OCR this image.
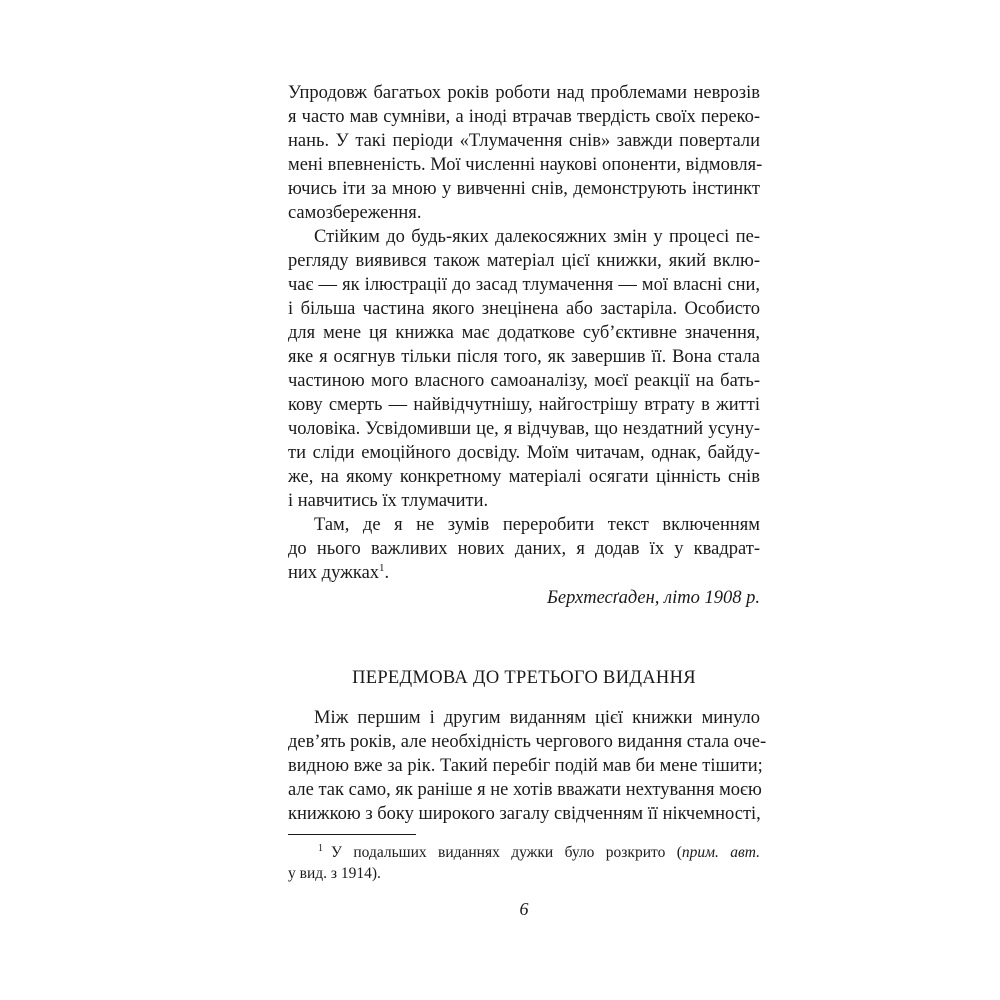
Упродовж багатьох років роботи над проблемами неврозів
я часто мав сумніви, а іноді втрачав твердість своїх переко-
нань. У такі періоди «Тлумачення снів» завжди повертали
мені впевненість. Мої численні наукові опоненти, відмовля-
ючись іти за мною у вивченні снів, демонструють інстинкт
самозбереження.
Стійким до будь-яких далекосяжних змін у процесі пе-
регляду виявився також матеріал цієї книжки, який вклю-
чає — як ілюстрації до засад тлумачення — мої власні сни,
і більша частина якого знецінена або застаріла. Особисто
для мене ця книжка має додаткове суб’єктивне значення,
яке я осягнув тільки після того, як завершив її. Вона стала
частиною мого власного самоаналізу, моєї реакції на бать-
кову смерть — найвідчутнішу, найгострішу втрату в житті
чоловіка. Усвідомивши це, я відчував, що нездатний усуну-
ти сліди емоційного досвіду. Моїм читачам, однак, байду-
же, на якому конкретному матеріалі осягати цінність снів
і навчитись їх тлумачити.
Там, де я не зумів переробити текст включенням
до нього важливих нових даних, я додав їх у квадрат-
них дужках$^1$.
Берхтесґаден, літо 1908 р.
ПЕРЕДМОВА ДО ТРЕТЬОГО ВИДАННЯ
Між першим і другим виданням цієї книжки минуло
дев’ять років, але необхідність чергового видання стала оче-
видною вже за рік. Такий перебіг подій мав би мене тішити;
але так само, як раніше я не хотів вважати нехтування моєю
книжкою з боку широкого загалу свідченням її нікчемності,
$^1$ У подальших виданнях дужки було розкрито (прим. авт.
у вид. з 1914).
6
